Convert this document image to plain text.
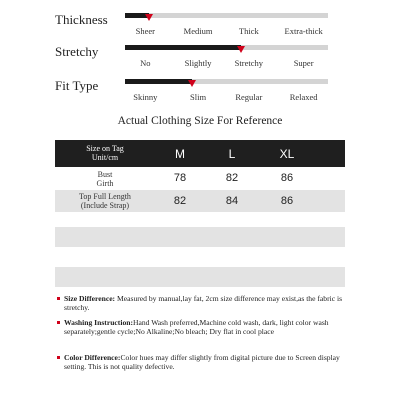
Thickness
Sheer	Medium	Thick	Extra-thick
Stretchy
No	Slightly	Stretchy	Super
Fit Type
Skinny	Slim	Regular	Relaxed
Actual Clothing Size For Reference
Size on Tag
Unit/cm	M	L	XL
Bust
Girth	78	82	86
Top Full Length
(Include Strap)	82	84	86
Size Difference: Measured by manual,lay fat, 2cm size difference may exist,as the fabric is stretchy.
Washing Instruction:Hand Wash preferred,Machine cold wash, dark, light color wash separately;gentle cycle;No Alkaline;No bleach; Dry flat in cool place
Color Difference:Color hues may differ slightly from digital picture due to Screen display setting. This is not quality defective.
